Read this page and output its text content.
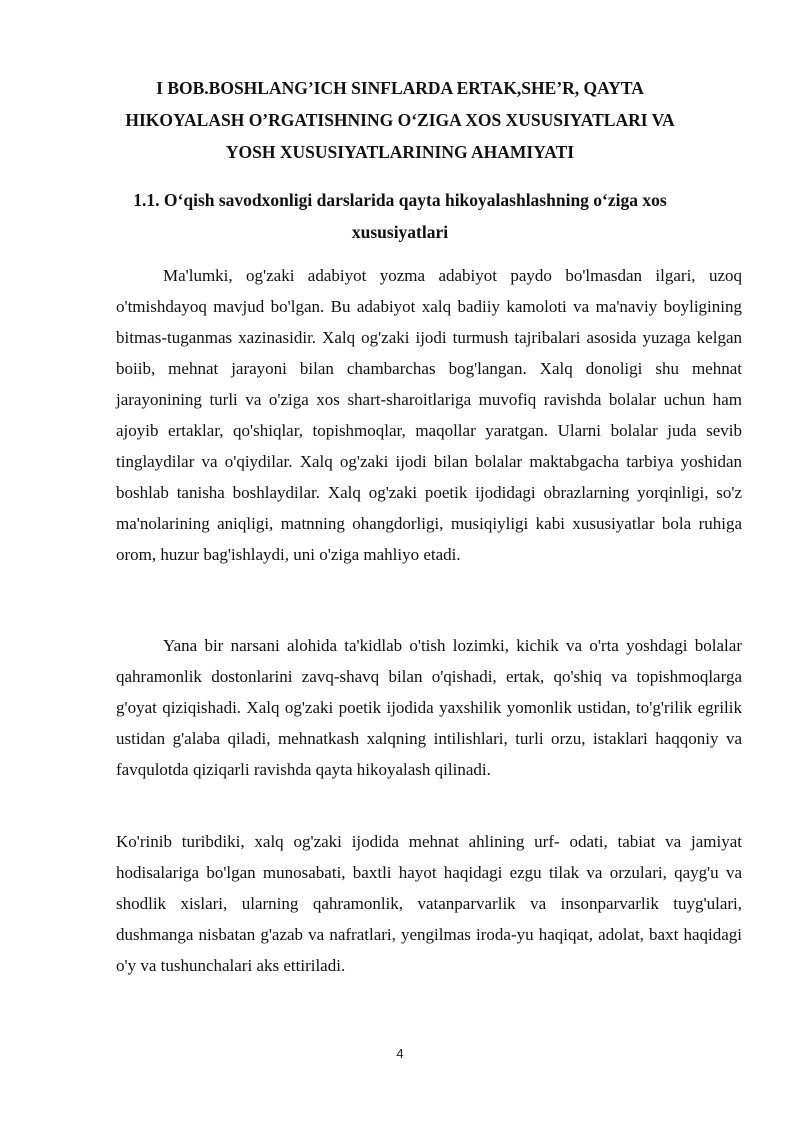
I BOB.BOSHLANG’ICH SINFLARDA ERTAK,SHE’R, QAYTA HIKOYALASH O’RGATISHNING O‘ZIGA XOS XUSUSIYATLARI VA YOSH XUSUSIYATLARINING AHAMIYATI
1.1. O‘qish savodxonligi darslarida qayta hikoyalashlashning o‘ziga xos xususiyatlari

Ma'lumki, og'zaki adabiyot yozma adabiyot paydo bo'lmasdan ilgari, uzoq o'tmishdayoq mavjud bo'lgan. Bu adabiyot xalq badiiy kamoloti va ma'naviy boyligining bitmas-tuganmas xazinasidir. Xalq og'zaki ijodi turmush tajribalari asosida yuzaga kelgan boiib, mehnat jarayoni bilan chambarchas bog'langan. Xalq donoligi shu mehnat jarayonining turli va o'ziga xos shart-sharoitlariga muvofiq ravishda bolalar uchun ham ajoyib ertaklar, qo'shiqlar, topishmoqlar, maqollar yaratgan. Ularni bolalar juda sevib tinglaydilar va o'qiydilar. Xalq og'zaki ijodi bilan bolalar maktabgacha tarbiya yoshidan boshlab tanisha boshlaydilar. Xalq og'zaki poetik ijodidagi obrazlarning yorqinligi, so'z ma'nolarining aniqligi, matnning ohangdorligi, musiqiyligi kabi xususiyatlar bola ruhiga orom, huzur bag'ishlaydi, uni o'ziga mahliyo etadi.

Yana bir narsani alohida ta'kidlab o'tish lozimki, kichik va o'rta yoshdagi bolalar qahramonlik dostonlarini zavq-shavq bilan o'qishadi, ertak, qo'shiq va topishmoqlarga g'oyat qiziqishadi. Xalq og'zaki poetik ijodida yaxshilik yomonlik ustidan, to'g'rilik egrilik ustidan g'alaba qiladi, mehnatkash xalqning intilishlari, turli orzu, istaklari haqqoniy va favqulotda qiziqarli ravishda qayta hikoyalash qilinadi.

Ko'rinib turibdiki, xalq og'zaki ijodida mehnat ahlining urf- odati, tabiat va jamiyat hodisalariga bo'lgan munosabati, baxtli hayot haqidagi ezgu tilak va orzulari, qayg'u va shodlik xislari, ularning qahramonlik, vatanparvarlik va insonparvarlik tuyg'ulari, dushmanga nisbatan g'azab va nafratlari, yengilmas iroda-yu haqiqat, adolat, baxt haqidagi o'y va tushunchalari aks ettiriladi.

4
